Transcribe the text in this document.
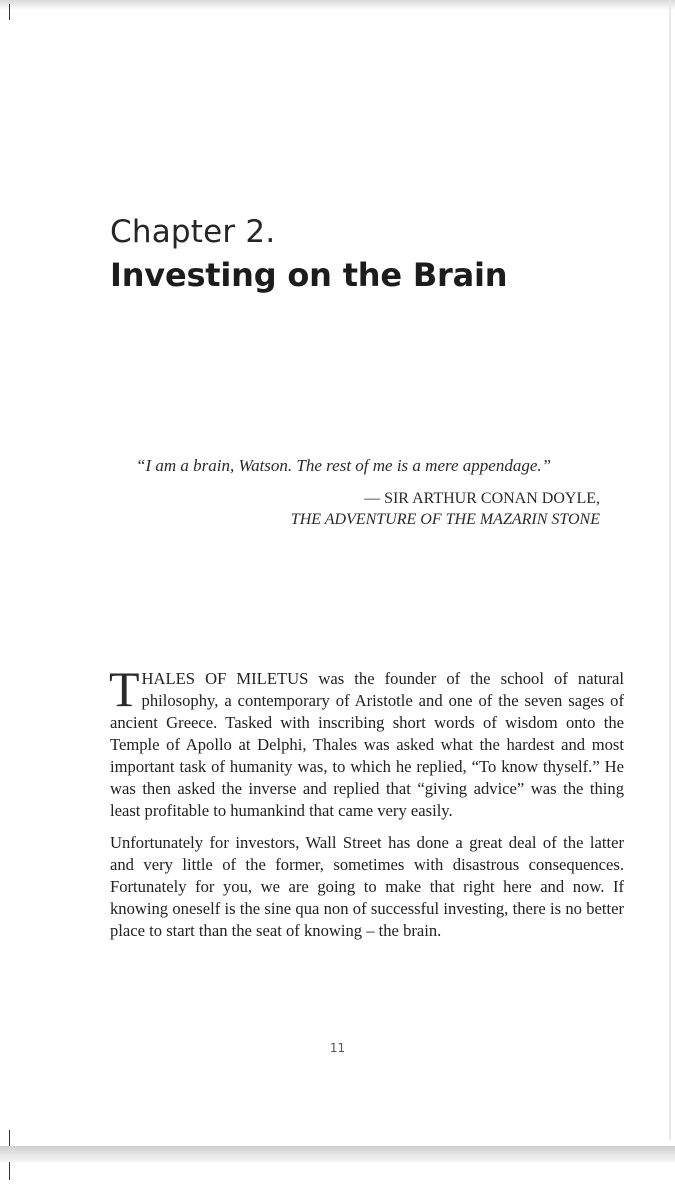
Chapter 2.
Investing on the Brain

“I am a brain, Watson. The rest of me is a mere appendage.”

— SIR ARTHUR CONAN DOYLE,
THE ADVENTURE OF THE MAZARIN STONE

THALES OF MILETUS was the founder of the school of natural philosophy, a contemporary of Aristotle and one of the seven sages of ancient Greece. Tasked with inscribing short words of wisdom onto the Temple of Apollo at Delphi, Thales was asked what the hardest and most important task of humanity was, to which he replied, “To know thyself.” He was then asked the inverse and replied that “giving advice” was the thing least profitable to humankind that came very easily.

Unfortunately for investors, Wall Street has done a great deal of the latter and very little of the former, sometimes with disastrous consequences. Fortunately for you, we are going to make that right here and now. If knowing oneself is the sine qua non of successful investing, there is no better place to start than the seat of knowing – the brain.

11
